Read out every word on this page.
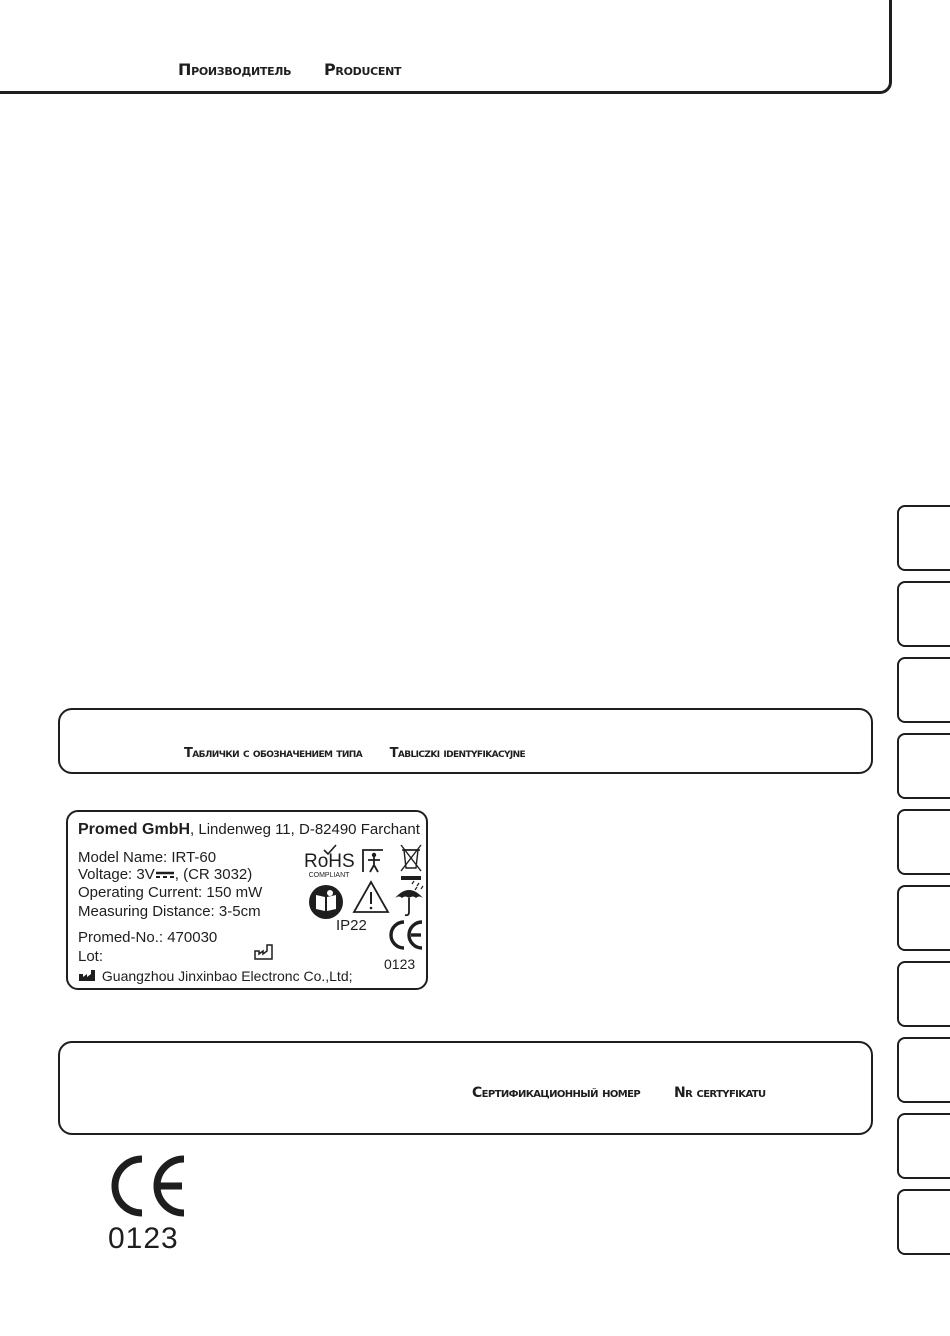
Производитель Producent
Таблички с обозначением типа Tabliczki identyfikacyjne
Promed GmbH, Lindenweg 11, D-82490 Farchant
Model Name: IRT-60
Voltage: 3V , (CR 3032)
Operating Current: 150 mW
Measuring Distance: 3-5cm
Promed-No.: 470030
Lot:
Guangzhou Jinxinbao Electronc Co.,Ltd;
RoHS
COMPLIANT
IP22
0123
Сертификационный номер Nr certyfikatu
0123
